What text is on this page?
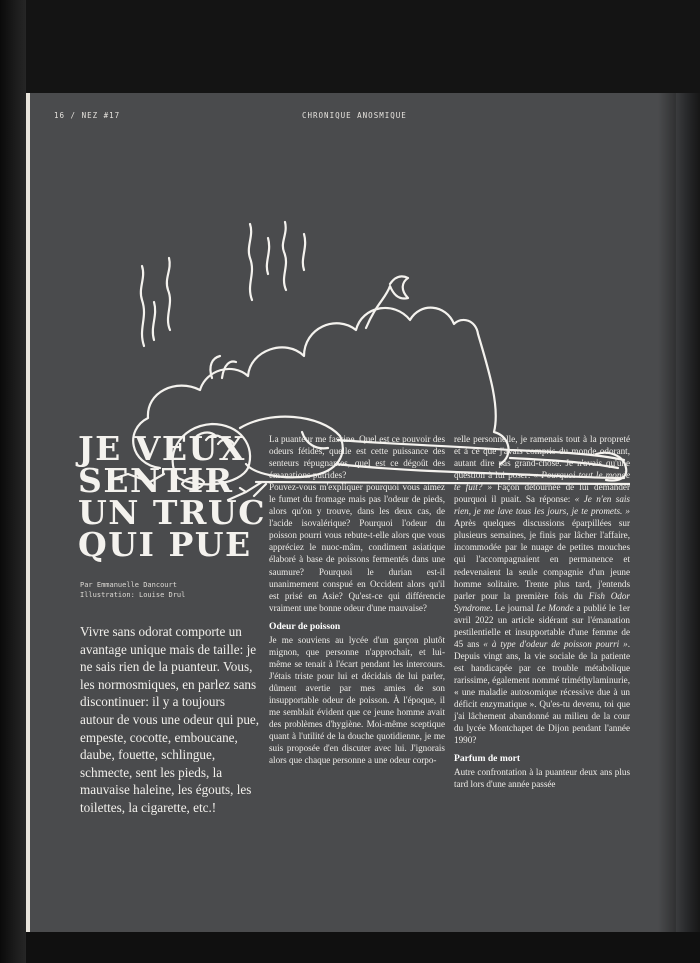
16 / NEZ #17	CHRONIQUE ANOSMIQUE
JE VEUX
SENTIR
UN TRUC
QUI PUE
Par Emmanuelle Dancourt
Illustration: Louise Drul
Vivre sans odorat comporte un avantage unique mais de taille: je ne sais rien de la puanteur. Vous, les normosmiques, en parlez sans discontinuer: il y a toujours autour de vous une odeur qui pue, empeste, cocotte, emboucane, daube, fouette, schlingue, schmecte, sent les pieds, la mauvaise haleine, les égouts, les toilettes, la cigarette, etc.!

La puanteur me fascine. Quel est ce pouvoir des odeurs fétides, quelle est cette puissance des senteurs répugnantes, quel est ce dégoût des émanations putrides?

Pouvez-vous m'expliquer pourquoi vous aimez le fumet du fromage mais pas l'odeur de pieds, alors qu'on y trouve, dans les deux cas, de l'acide isovalérique? Pourquoi l'odeur du poisson pourri vous rebute-t-elle alors que vous appréciez le nuoc-mâm, condiment asiatique élaboré à base de poissons fermentés dans une saumure? Pourquoi le durian est-il unanimement conspué en Occident alors qu'il est prisé en Asie? Qu'est-ce qui différencie vraiment une bonne odeur d'une mauvaise?

Odeur de poisson

Je me souviens au lycée d'un garçon plutôt mignon, que personne n'approchait, et lui-même se tenait à l'écart pendant les intercours. J'étais triste pour lui et décidais de lui parler, dûment avertie par mes amies de son insupportable odeur de poisson. À l'époque, il me semblait évident que ce jeune homme avait des problèmes d'hygiène. Moi-même sceptique quant à l'utilité de la douche quotidienne, je me suis proposée d'en discuter avec lui. J'ignorais alors que chaque personne a une odeur corpo-

relle personnelle, je ramenais tout à la propreté et à ce que j'avais compris du monde odorant, autant dire pas grand-chose. Je n'avais qu'une question à lui poser: « Pourquoi tout le monde te fuit? » Façon détournée de lui demander pourquoi il puait. Sa réponse: « Je n'en sais rien, je me lave tous les jours, je te promets. » Après quelques discussions éparpillées sur plusieurs semaines, je finis par lâcher l'affaire, incommodée par le nuage de petites mouches qui l'accompagnaient en permanence et redevenaient la seule compagnie d'un jeune homme solitaire. Trente plus tard, j'entends parler pour la première fois du Fish Odor Syndrome. Le journal Le Monde a publié le 1er avril 2022 un article sidérant sur l'émanation pestilentielle et insupportable d'une femme de 45 ans « à type d'odeur de poisson pourri ». Depuis vingt ans, la vie sociale de la patiente est handicapée par ce trouble métabolique rarissime, également nommé triméthylaminurie, « une maladie autosomique récessive due à un déficit enzymatique ». Qu'es-tu devenu, toi que j'ai lâchement abandonné au milieu de la cour du lycée Montchapet de Dijon pendant l'année 1990?

Parfum de mort

Autre confrontation à la puanteur deux ans plus tard lors d'une année passée
